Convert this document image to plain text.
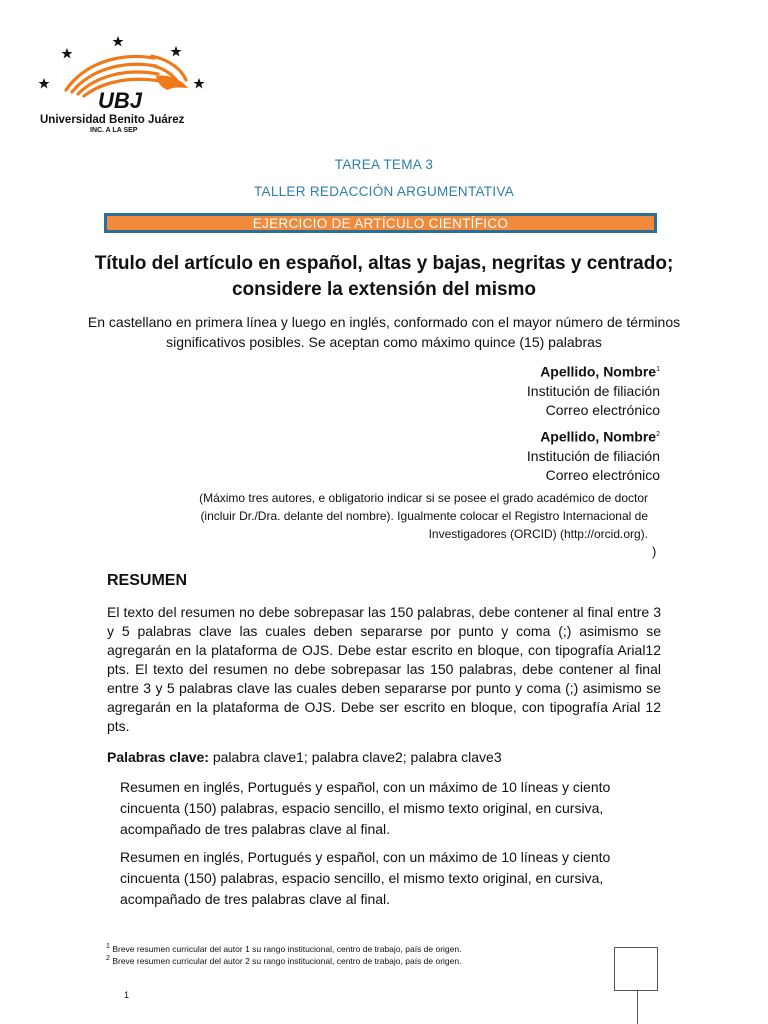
UBJ
Universidad Benito Juárez
INC. A LA SEP
TAREA TEMA 3
TALLER REDACCIÓN ARGUMENTATIVA
EJERCICIO DE ARTÍCULO CIENTÍFICO
Título del artículo en español, altas y bajas, negritas y centrado; considere la extensión del mismo
En castellano en primera línea y luego en inglés, conformado con el mayor número de términos significativos posibles. Se aceptan como máximo quince (15) palabras
Apellido, Nombre$^1$
Institución de filiación
Correo electrónico
Apellido, Nombre$^2$
Institución de filiación
Correo electrónico
(Máximo tres autores, e obligatorio indicar si se posee el grado académico de doctor (incluir Dr./Dra. delante del nombre). Igualmente colocar el Registro Internacional de Investigadores (ORCID) (http://orcid.org).
)
RESUMEN
El texto del resumen no debe sobrepasar las 150 palabras, debe contener al final entre 3 y 5 palabras clave las cuales deben separarse por punto y coma (;) asimismo se agregarán en la plataforma de OJS. Debe estar escrito en bloque, con tipografía Arial12 pts. El texto del resumen no debe sobrepasar las 150 palabras, debe contener al final entre 3 y 5 palabras clave las cuales deben separarse por punto y coma (;) asimismo se agregarán en la plataforma de OJS. Debe ser escrito en bloque, con tipografía Arial 12 pts.
Palabras clave: palabra clave1; palabra clave2; palabra clave3
Resumen en inglés, Portugués y español, con un máximo de 10 líneas y ciento cincuenta (150) palabras, espacio sencillo, el mismo texto original, en cursiva, acompañado de tres palabras clave al final.
Resumen en inglés, Portugués y español, con un máximo de 10 líneas y ciento cincuenta (150) palabras, espacio sencillo, el mismo texto original, en cursiva, acompañado de tres palabras clave al final.
$^1$ Breve resumen curricular del autor 1 su rango institucional, centro de trabajo, país de origen.
$^2$ Breve resumen curricular del autor 2 su rango institucional, centro de trabajo, país de origen.
1
